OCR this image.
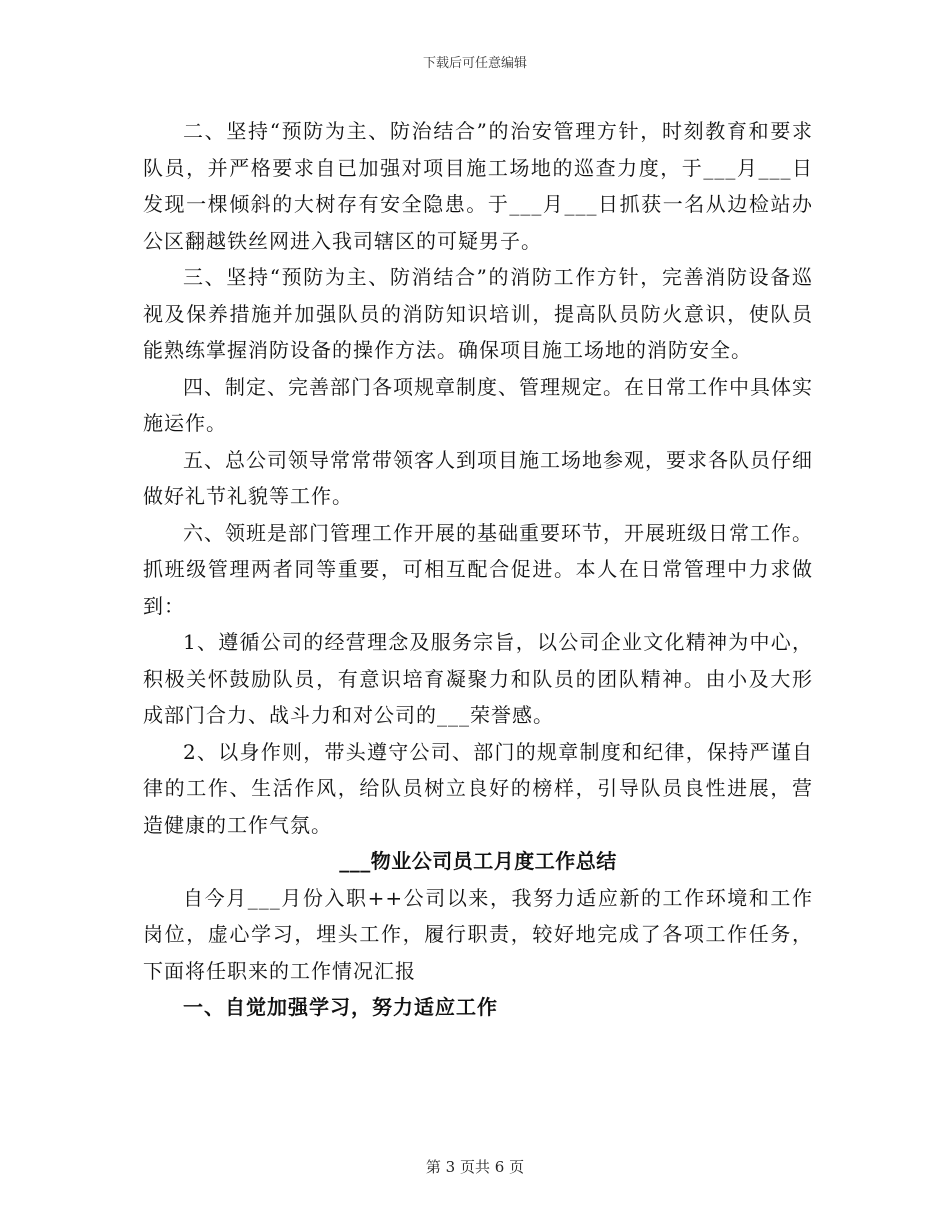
下载后可任意编辑

二、坚持“预防为主、防治结合”的治安管理方针，时刻教育和要求队员，并严格要求自已加强对项目施工场地的巡查力度，于___月___日发现一棵倾斜的大树存有安全隐患。于___月___日抓获一名从边检站办公区翻越铁丝网进入我司辖区的可疑男子。

三、坚持“预防为主、防消结合”的消防工作方针，完善消防设备巡视及保养措施并加强队员的消防知识培训，提高队员防火意识，使队员能熟练掌握消防设备的操作方法。确保项目施工场地的消防安全。

四、制定、完善部门各项规章制度、管理规定。在日常工作中具体实施运作。

五、总公司领导常常带领客人到项目施工场地参观，要求各队员仔细做好礼节礼貌等工作。

六、领班是部门管理工作开展的基础重要环节，开展班级日常工作。抓班级管理两者同等重要，可相互配合促进。本人在日常管理中力求做到：

1、遵循公司的经营理念及服务宗旨，以公司企业文化精神为中心，积极关怀鼓励队员，有意识培育凝聚力和队员的团队精神。由小及大形成部门合力、战斗力和对公司的___荣誉感。

2、以身作则，带头遵守公司、部门的规章制度和纪律，保持严谨自律的工作、生活作风，给队员树立良好的榜样，引导队员良性进展，营造健康的工作气氛。

___物业公司员工月度工作总结

自今月___月份入职++公司以来，我努力适应新的工作环境和工作岗位，虚心学习，埋头工作，履行职责，较好地完成了各项工作任务，下面将任职来的工作情况汇报

一、自觉加强学习，努力适应工作

第 3 页共 6 页
